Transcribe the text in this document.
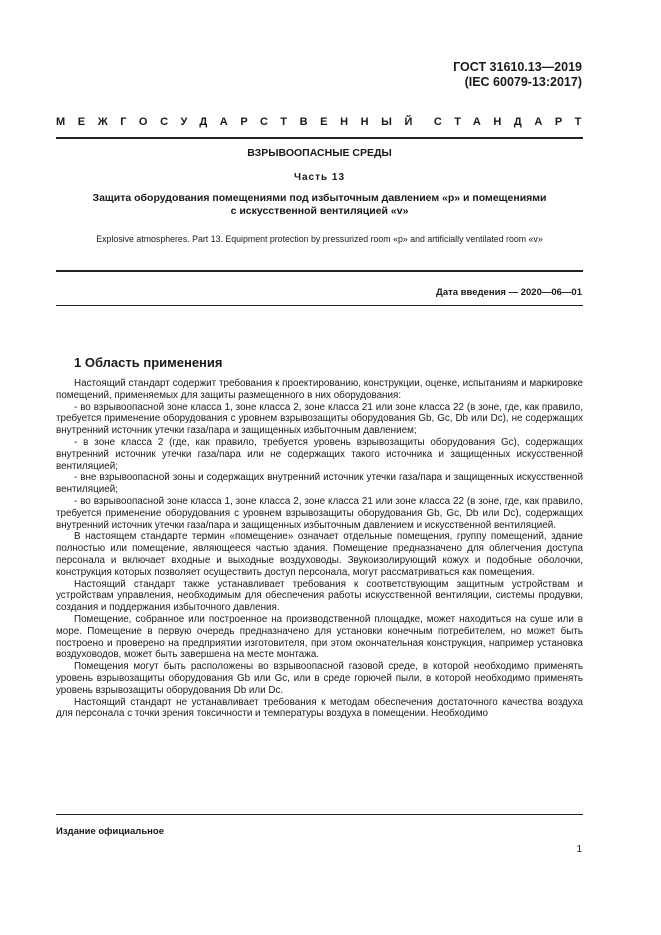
ГОСТ 31610.13—2019
(IEC 60079-13:2017)
МЕЖГОСУДАРСТВЕННЫЙ СТАНДАРТ
ВЗРЫВООПАСНЫЕ СРЕДЫ
Часть 13
Защита оборудования помещениями под избыточным давлением «р» и помещениями
с искусственной вентиляцией «v»
Explosive atmospheres. Part 13. Equipment protection by pressurized room «р» and artificially ventilated room «v»
Дата введения — 2020—06—01
1 Область применения

Настоящий стандарт содержит требования к проектированию, конструкции, оценке, испытаниям и маркировке помещений, применяемых для защиты размещенного в них оборудования:

- во взрывоопасной зоне класса 1, зоне класса 2, зоне класса 21 или зоне класса 22 (в зоне, где, как правило, требуется применение оборудования с уровнем взрывозащиты оборудования Gb, Gc, Db или Dc), не содержащих внутренний источник утечки газа/пара и защищенных избыточным давлением;

- в зоне класса 2 (где, как правило, требуется уровень взрывозащиты оборудования Gc), содержащих внутренний источник утечки газа/пара или не содержащих такого источника и защищенных искусственной вентиляцией;

- вне взрывоопасной зоны и содержащих внутренний источник утечки газа/пара и защищенных искусственной вентиляцией;

- во взрывоопасной зоне класса 1, зоне класса 2, зоне класса 21 или зоне класса 22 (в зоне, где, как правило, требуется применение оборудования с уровнем взрывозащиты оборудования Gb, Gc, Db или Dc), содержащих внутренний источник утечки газа/пара и защищенных избыточным давлением и искусственной вентиляцией.

В настоящем стандарте термин «помещение» означает отдельные помещения, группу помещений, здание полностью или помещение, являющееся частью здания. Помещение предназначено для облегчения доступа персонала и включает входные и выходные воздуховоды. Звукоизолирующий кожух и подобные оболочки, конструкция которых позволяет осуществить доступ персонала, могут рассматриваться как помещения.

Настоящий стандарт также устанавливает требования к соответствующим защитным устройствам и устройствам управления, необходимым для обеспечения работы искусственной вентиляции, системы продувки, создания и поддержания избыточного давления.

Помещение, собранное или построенное на производственной площадке, может находиться на суше или в море. Помещение в первую очередь предназначено для установки конечным потребителем, но может быть построено и проверено на предприятии изготовителя, при этом окончательная конструкция, например установка воздуховодов, может быть завершена на месте монтажа.

Помещения могут быть расположены во взрывоопасной газовой среде, в которой необходимо применять уровень взрывозащиты оборудования Gb или Gc, или в среде горючей пыли, в которой необходимо применять уровень взрывозащиты оборудования Db или Dc.

Настоящий стандарт не устанавливает требования к методам обеспечения достаточного качества воздуха для персонала с точки зрения токсичности и температуры воздуха в помещении. Необходимо

Издание официальное
1
